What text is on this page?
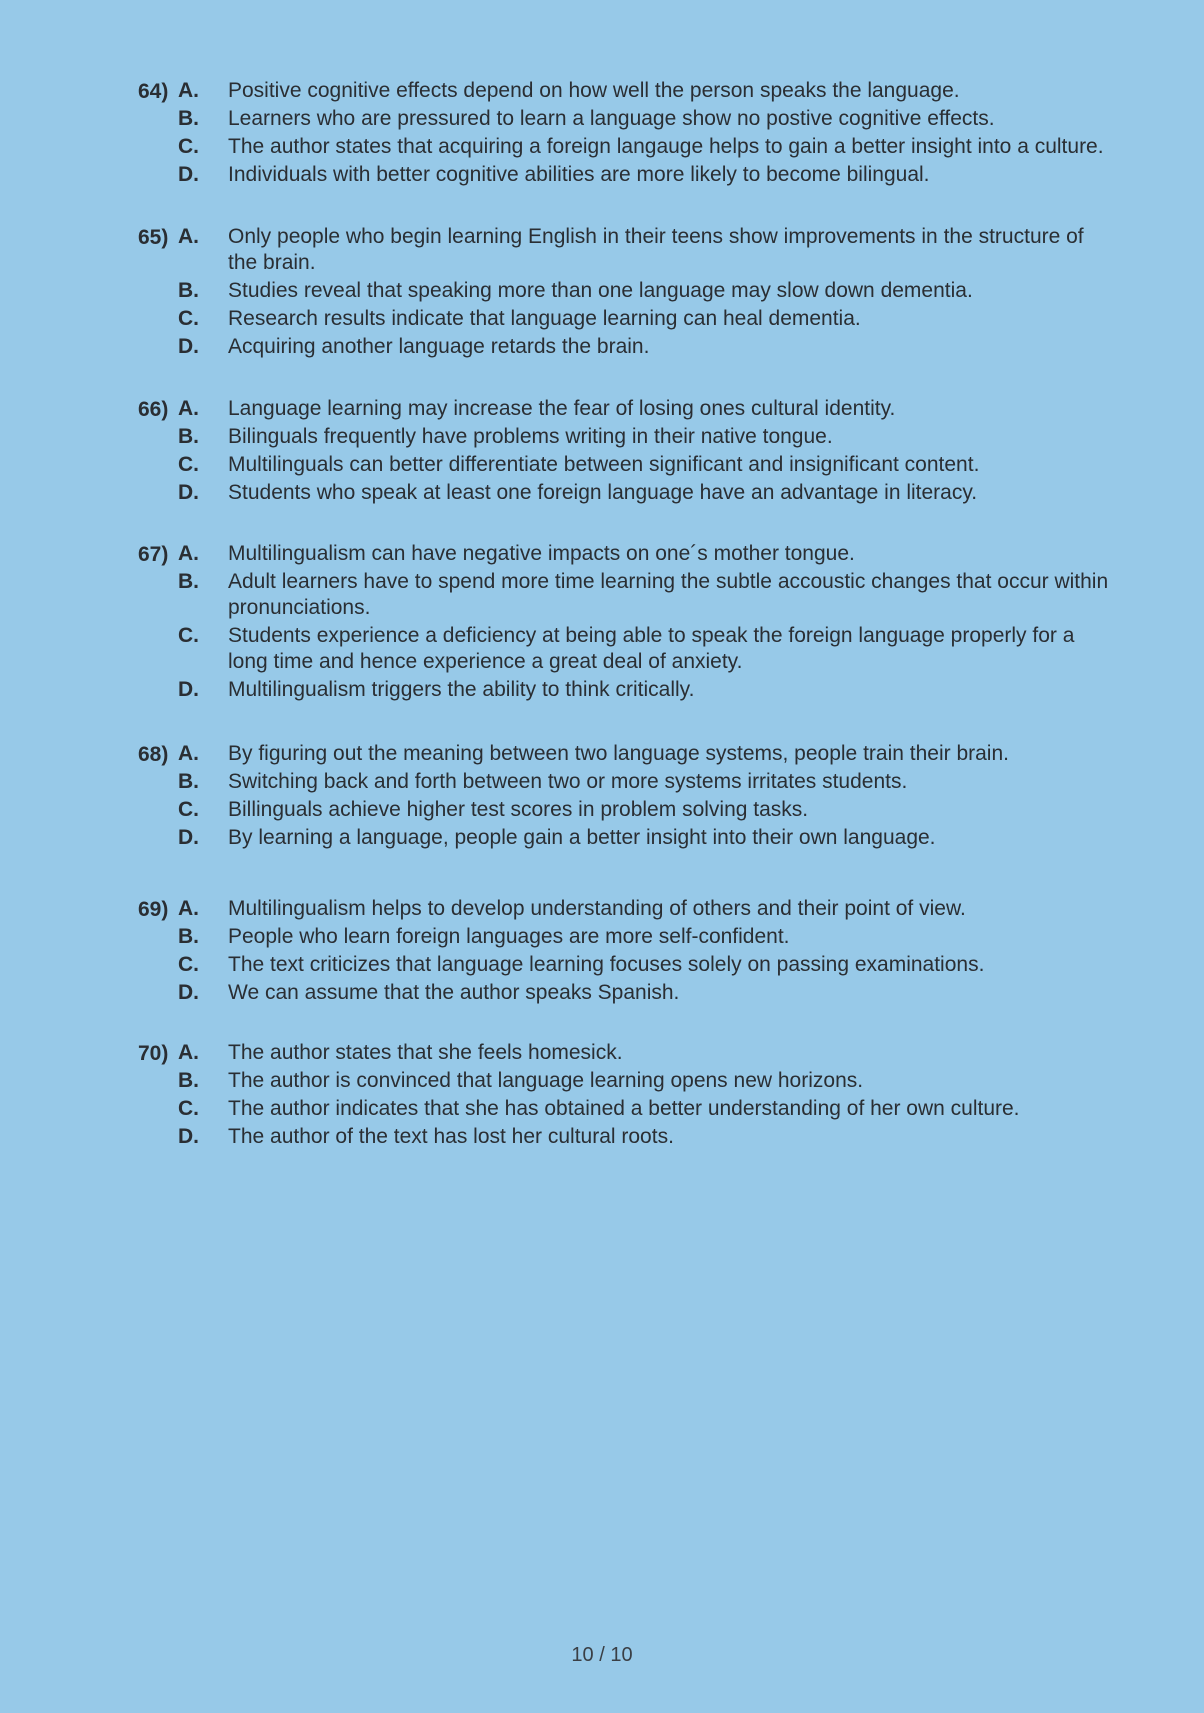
64) A.	Positive cognitive effects depend on how well the person speaks the language.
B.	Learners who are pressured to learn a language show no postive cognitive effects.
C.	The author states that acquiring a foreign langauge helps to gain a better insight into a culture.
D.	Individuals with better cognitive abilities are more likely to become bilingual.
65) A.	Only people who begin learning English in their teens show improvements in the structure of the brain.
B.	Studies reveal that speaking more than one language may slow down dementia.
C.	Research results indicate that language learning can heal dementia.
D.	Acquiring another language retards the brain.
66) A.	Language learning may increase the fear of losing ones cultural identity.
B.	Bilinguals frequently have problems writing in their native tongue.
C.	Multilinguals can better differentiate between significant and insignificant content.
D.	Students who speak at least one foreign language have an advantage in literacy.
67) A.	Multilingualism can have negative impacts on one´s mother tongue.
B.	Adult learners have to spend more time learning the subtle accoustic changes that occur within pronunciations.
C.	Students experience a deficiency at being able to speak the foreign language properly for a long time and hence experience a great deal of anxiety.
D.	Multilingualism triggers the ability to think critically.
68) A.	By figuring out the meaning between two language systems, people train their brain.
B.	Switching back and forth between two or more systems irritates students.
C.	Billinguals achieve higher test scores in problem solving tasks.
D.	By learning a language, people gain a better insight into their own language.
69) A.	Multilingualism helps to develop understanding of others and their point of view.
B.	People who learn foreign languages are more self-confident.
C.	The text criticizes that language learning focuses solely on passing examinations.
D.	We can assume that the author speaks Spanish.
70) A.	The author states that she feels homesick.
B.	The author is convinced that language learning opens new horizons.
C.	The author indicates that she has obtained a better understanding of her own culture.
D.	The author of the text has lost her cultural roots.
10 / 10
